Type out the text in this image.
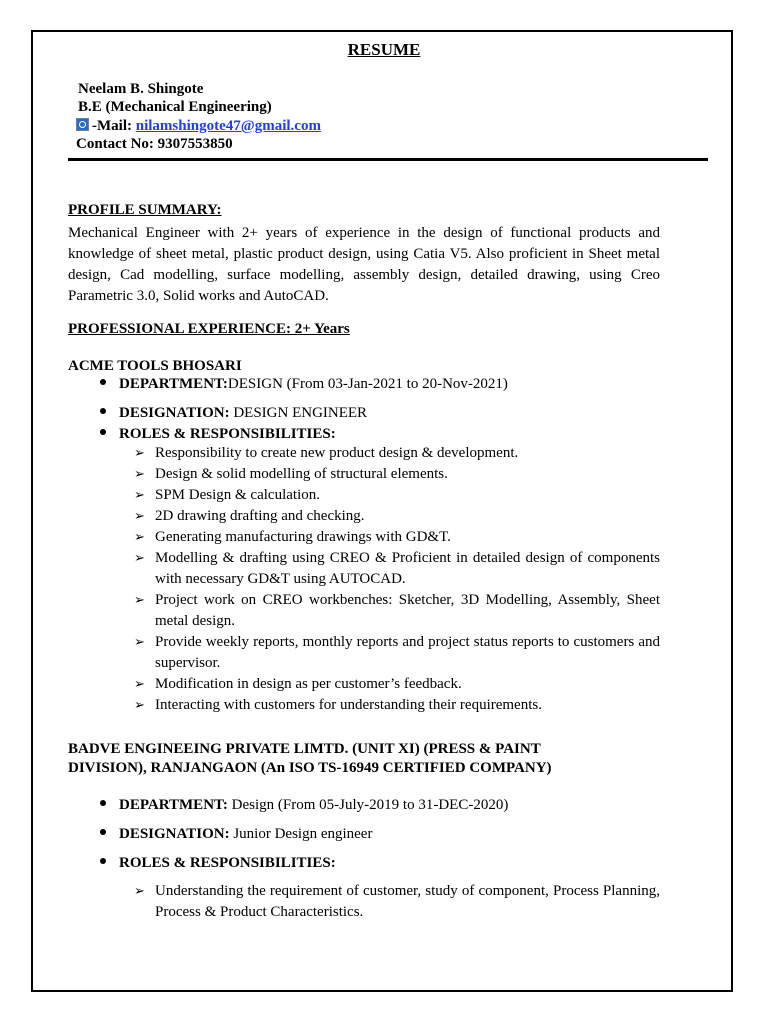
RESUME
Neelam B. Shingote
B.E (Mechanical Engineering)
-Mail: nilamshingote47@gmail.com
Contact No: 9307553850
PROFILE SUMMARY:
Mechanical Engineer with 2+ years of experience in the design of functional products and knowledge of sheet metal, plastic product design, using Catia V5. Also proficient in Sheet metal design, Cad modelling, surface modelling, assembly design, detailed drawing, using Creo Parametric 3.0, Solid works and AutoCAD.
PROFESSIONAL EXPERIENCE: 2+ Years
ACME TOOLS BHOSARI
DEPARTMENT:DESIGN (From 03-Jan-2021 to 20-Nov-2021)
DESIGNATION: DESIGN ENGINEER
ROLES & RESPONSIBILITIES:
➢ Responsibility to create new product design & development.
➢ Design & solid modelling of structural elements.
➢ SPM Design & calculation.
➢ 2D drawing drafting and checking.
➢ Generating manufacturing drawings with GD&T.
➢ Modelling & drafting using CREO & Proficient in detailed design of components with necessary GD&T using AUTOCAD.
➢ Project work on CREO workbenches: Sketcher, 3D Modelling, Assembly, Sheet metal design.
➢ Provide weekly reports, monthly reports and project status reports to customers and supervisor.
➢ Modification in design as per customer’s feedback.
➢ Interacting with customers for understanding their requirements.
BADVE ENGINEEING PRIVATE LIMTD. (UNIT XI) (PRESS & PAINT
DIVISION), RANJANGAON (An ISO TS-16949 CERTIFIED COMPANY)
DEPARTMENT: Design (From 05-July-2019 to 31-DEC-2020)
DESIGNATION: Junior Design engineer
ROLES & RESPONSIBILITIES:
➢ Understanding the requirement of customer, study of component, Process Planning, Process & Product Characteristics.
